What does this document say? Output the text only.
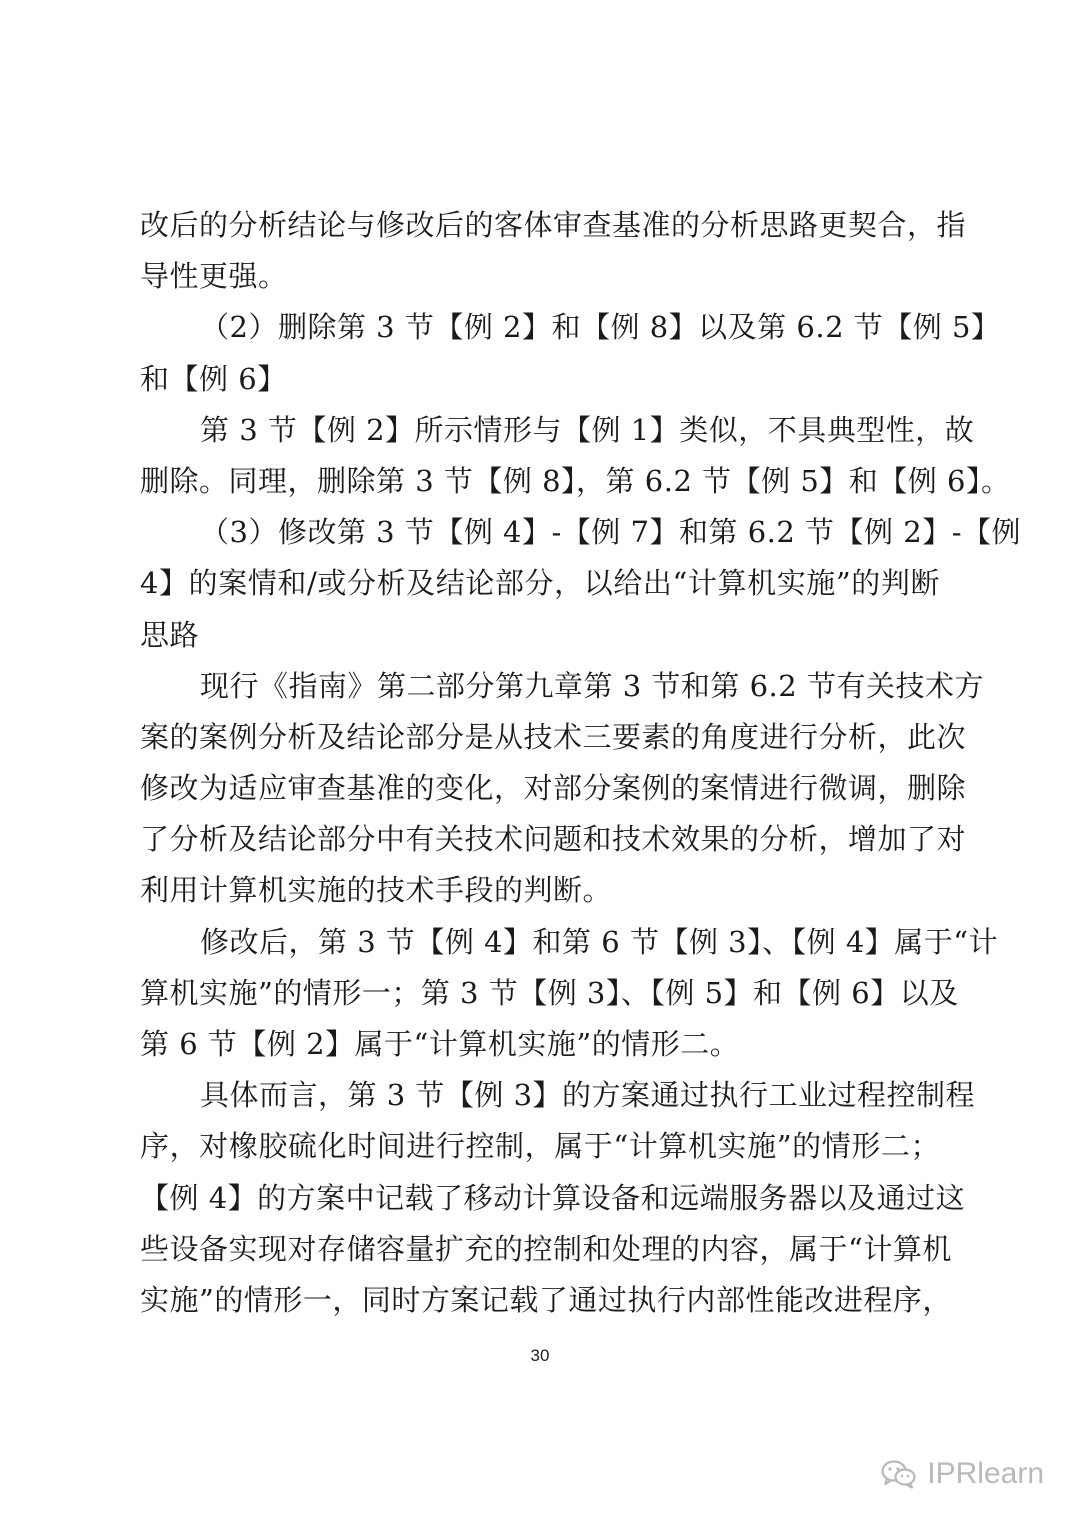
改后的分析结论与修改后的客体审查基准的分析思路更契合，指
导性更强。
（2）删除第 3 节【例 2】和【例 8】以及第 6.2 节【例 5】
和【例 6】
第 3 节【例 2】所示情形与【例 1】类似，不具典型性，故
删除。同理，删除第 3 节【例 8】，第 6.2 节【例 5】和【例 6】。
（3）修改第 3 节【例 4】-【例 7】和第 6.2 节【例 2】-【例
4】的案情和/或分析及结论部分，以给出“计算机实施”的判断
思路
现行《指南》第二部分第九章第 3 节和第 6.2 节有关技术方
案的案例分析及结论部分是从技术三要素的角度进行分析，此次
修改为适应审查基准的变化，对部分案例的案情进行微调，删除
了分析及结论部分中有关技术问题和技术效果的分析，增加了对
利用计算机实施的技术手段的判断。
修改后，第 3 节【例 4】和第 6 节【例 3】、【例 4】属于“计
算机实施”的情形一；第 3 节【例 3】、【例 5】和【例 6】以及
第 6 节【例 2】属于“计算机实施”的情形二。
具体而言，第 3 节【例 3】的方案通过执行工业过程控制程
序，对橡胶硫化时间进行控制，属于“计算机实施”的情形二；
【例 4】的方案中记载了移动计算设备和远端服务器以及通过这
些设备实现对存储容量扩充的控制和处理的内容，属于“计算机
实施”的情形一，同时方案记载了通过执行内部性能改进程序，
30
IPRlearn
